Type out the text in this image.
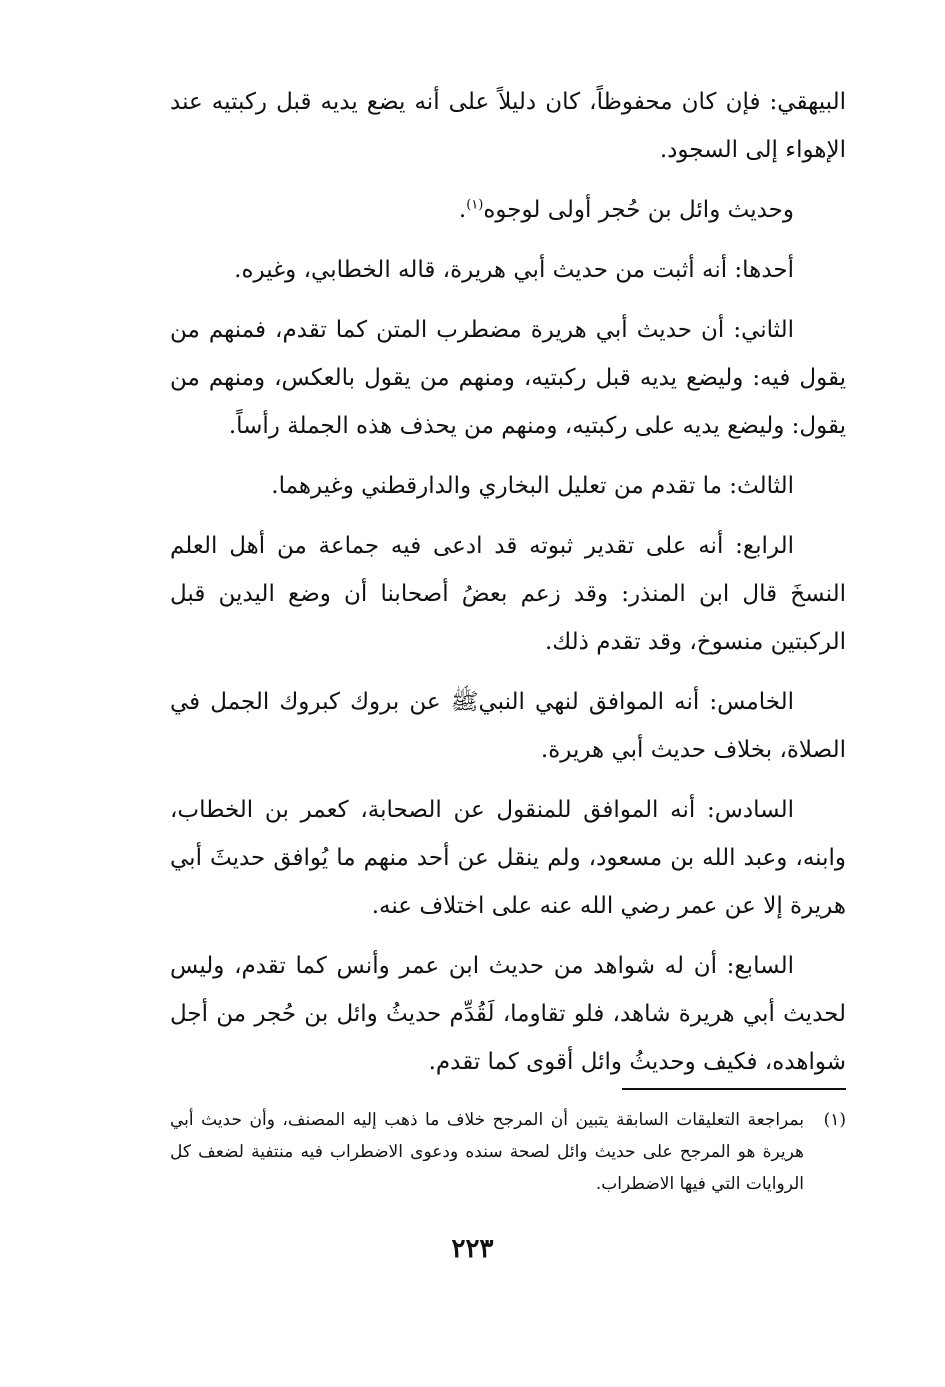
البيهقي: فإن كان محفوظاً، كان دليلاً على أنه يضع يديه قبل ركبتيه عند الإهواء إلى السجود.

وحديث وائل بن حُجر أولى لوجوه$^{(١)}$.

أحدها: أنه أثبت من حديث أبي هريرة، قاله الخطابي، وغيره.

الثاني: أن حديث أبي هريرة مضطرب المتن كما تقدم، فمنهم من يقول فيه: وليضع يديه قبل ركبتيه، ومنهم من يقول بالعكس، ومنهم من يقول: وليضع يديه على ركبتيه، ومنهم من يحذف هذه الجملة رأساً.

الثالث: ما تقدم من تعليل البخاري والدارقطني وغيرهما.

الرابع: أنه على تقدير ثبوته قد ادعى فيه جماعة من أهل العلم النسخَ قال ابن المنذر: وقد زعم بعضُ أصحابنا أن وضع اليدين قبل الركبتين منسوخ، وقد تقدم ذلك.

الخامس: أنه الموافق لنهي النبيﷺ عن بروك كبروك الجمل في الصلاة، بخلاف حديث أبي هريرة.

السادس: أنه الموافق للمنقول عن الصحابة، كعمر بن الخطاب، وابنه، وعبد الله بن مسعود، ولم ينقل عن أحد منهم ما يُوافق حديثَ أبي هريرة إلا عن عمر رضي الله عنه على اختلاف عنه.

السابع: أن له شواهد من حديث ابن عمر وأنس كما تقدم، وليس لحديث أبي هريرة شاهد، فلو تقاوما، لَقُدِّم حديثُ وائل بن حُجر من أجل شواهده، فكيف وحديثُ وائل أقوى كما تقدم.

(١)
بمراجعة التعليقات السابقة يتبين أن المرجح خلاف ما ذهب إليه المصنف، وأن حديث أبي هريرة هو المرجح على حديث وائل لصحة سنده ودعوى الاضطراب فيه منتفية لضعف كل الروايات التي فيها الاضطراب.
٢٢٣
